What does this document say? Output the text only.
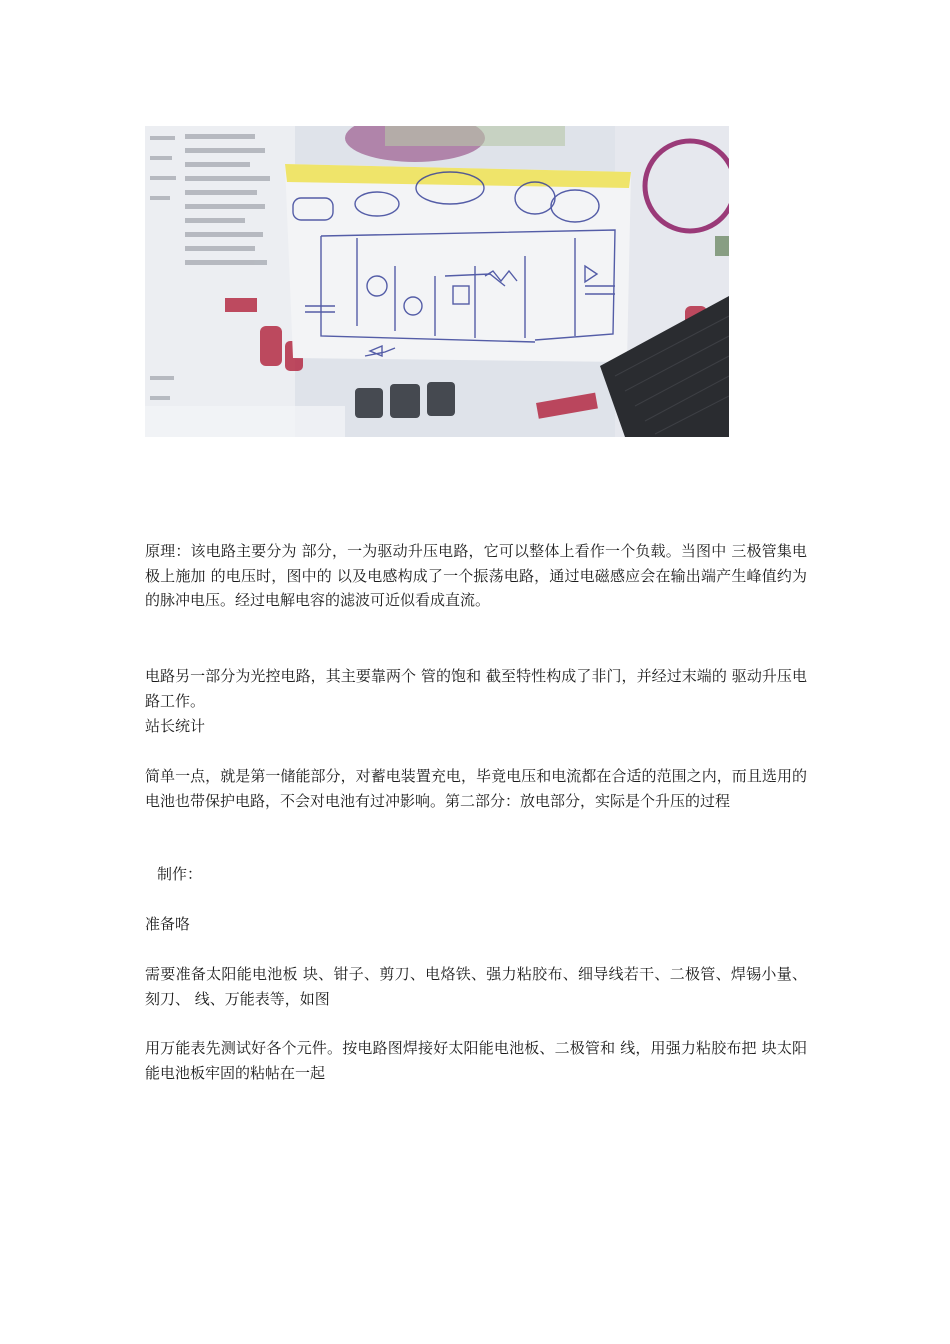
原理：该电路主要分为 部分，一为驱动升压电路，它可以整体上看作一个负载。当图中 三极管集电极上施加 的电压时，图中的 以及电感构成了一个振荡电路，通过电磁感应会在输出端产生峰值约为 的脉冲电压。经过电解电容的滤波可近似看成直流。

电路另一部分为光控电路，其主要靠两个 管的饱和 截至特性构成了非门，并经过末端的 驱动升压电路工作。

站长统计

简单一点，就是第一储能部分，对蓄电装置充电，毕竟电压和电流都在合适的范围之内，而且选用的电池也带保护电路，不会对电池有过冲影响。第二部分：放电部分，实际是个升压的过程

制作：

准备咯

需要准备太阳能电池板 块、钳子、剪刀、电烙铁、强力粘胶布、细导线若干、二极管、焊锡小量、刻刀、 线、万能表等，如图

用万能表先测试好各个元件。按电路图焊接好太阳能电池板、二极管和 线，用强力粘胶布把 块太阳能电池板牢固的粘帖在一起
